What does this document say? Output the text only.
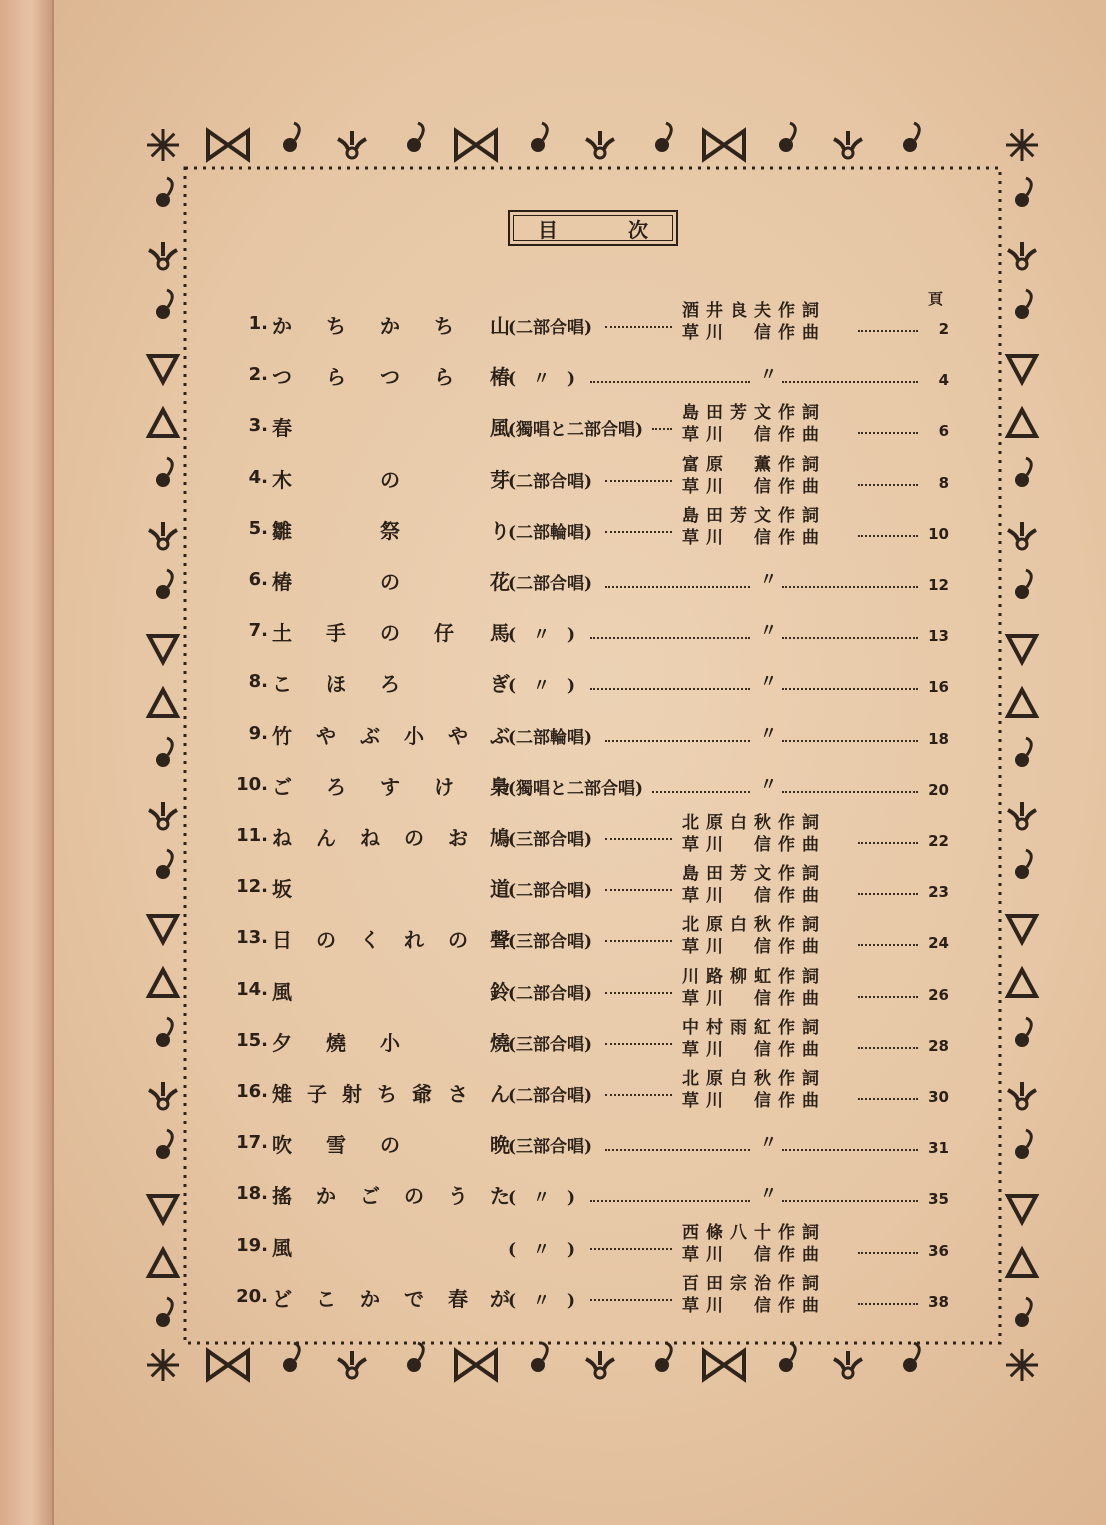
目	次
頁
1. か ち か ち 山
(二部合唱)
酒井良夫作詞
草川　信作曲	2
2. つ ら つ ら 椿
(　〃　)	〃	4
3. 春	風
(獨唱と二部合唱)
島田芳文作詞
草川　信作曲	6
4. 木	の	芽
(二部合唱)
富原　薫作詞
草川　信作曲	8
5. 雛	祭	り
(二部輪唱)
島田芳文作詞
草川　信作曲	10
6. 椿	の	花
(二部合唱)	〃	12
7. 土 手 の 仔 馬
(　〃　)	〃	13
8. こ ほ ろ	ぎ
(　〃　)	〃	16
9. 竹 や ぶ 小 や ぶ
(二部輪唱)	〃	18
10. ご ろ す け 梟
(獨唱と二部合唱)	〃	20
11. ね ん ね の お 鳩
(三部合唱)
北原白秋作詞
草川　信作曲	22
12. 坂	道
(二部合唱)
島田芳文作詞
草川　信作曲	23
13. 日 の く れ の 聲
(三部合唱)
北原白秋作詞
草川　信作曲	24
14. 風	鈴
(二部合唱)
川路柳虹作詞
草川　信作曲	26
15. 夕 燒 小	燒
(三部合唱)
中村雨紅作詞
草川　信作曲	28
16. 雉 子 射 ち 爺 さ ん
(二部合唱)
北原白秋作詞
草川　信作曲	30
17. 吹 雪 の	晩
(三部合唱)	〃	31
18. 搖 か ご の う た
(　〃　)	〃	35
19. 風	(　〃　)
西條八十作詞
草川　信作曲	36
20. ど こ か で 春 が
(　〃　)
百田宗治作詞
草川　信作曲	38
